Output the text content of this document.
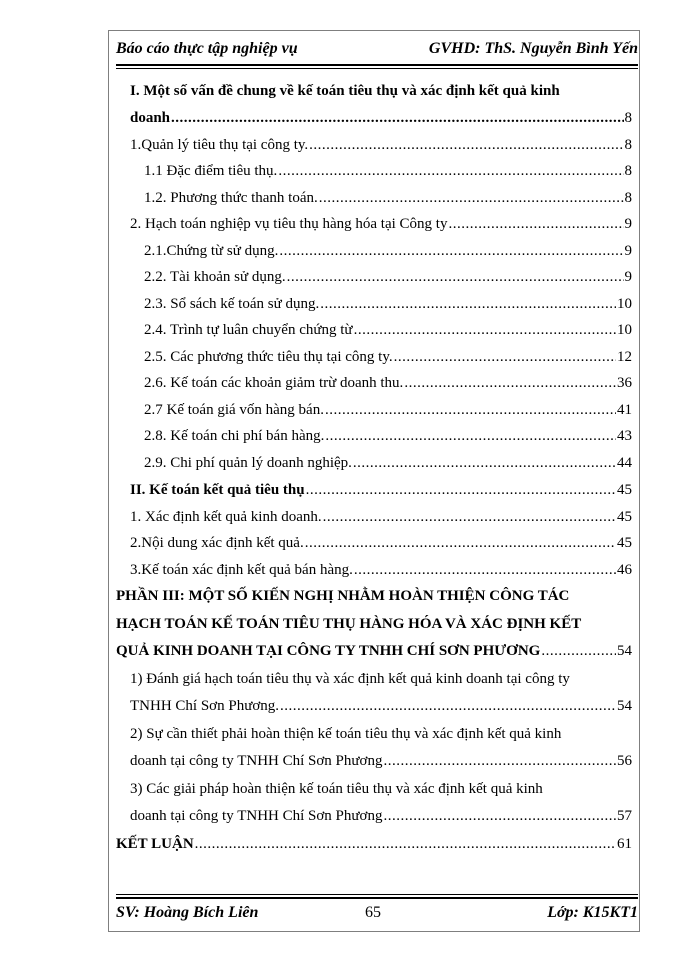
Báo cáo thực tập nghiệp vụ	GVHD: ThS. Nguyễn Bình Yến
I. Một số vấn đề chung về kế toán tiêu thụ và xác định kết quả kinh
doanh .....	8
1.Quản lý tiêu thụ tại công ty. .....	8
1.1 Đặc điểm tiêu thụ. .....	8
1.2. Phương thức thanh toán. .....	8
2. Hạch toán nghiệp vụ tiêu thụ hàng hóa tại Công ty .....	9
2.1.Chứng từ sử dụng. .....	9
2.2. Tài khoản sử dụng. .....	9
2.3. Sổ sách kế toán sử dụng. .....	10
2.4. Trình tự luân chuyển chứng từ .....	10
2.5. Các phương thức tiêu thụ tại công ty. .....	12
2.6. Kế toán các khoản giảm trừ doanh thu. .....	36
2.7 Kế toán giá vốn hàng bán. .....	41
2.8. Kế toán chi phí bán hàng. .....	43
2.9. Chi phí quản lý doanh nghiệp. .....	44
II. Kế toán kết quả tiêu thụ .....	45
1. Xác định kết quả kinh doanh. .....	45
2.Nội dung xác định kết quả. .....	45
3.Kế toán xác định kết quả bán hàng. .....	46
PHẦN III: MỘT SỐ KIẾN NGHỊ NHẰM HOÀN THIỆN CÔNG TÁC
HẠCH TOÁN KẾ TOÁN TIÊU THỤ HÀNG HÓA VÀ XÁC ĐỊNH KẾT
QUẢ KINH DOANH TẠI CÔNG TY TNHH CHÍ SƠN PHƯƠNG .....	54
1) Đánh giá hạch toán tiêu thụ và xác định kết quả kinh doanh tại công ty
TNHH Chí Sơn Phương. .....	54
2) Sự cần thiết phải hoàn thiện kế toán tiêu thụ và xác định kết quả kinh
doanh tại công ty TNHH Chí Sơn Phương .....	56
3) Các giải pháp hoàn thiện kế toán tiêu thụ và xác định kết quả kinh
doanh tại công ty TNHH Chí Sơn Phương .....	57
KẾT LUẬN .....	61
SV: Hoàng Bích Liên	65	Lớp: K15KT1
